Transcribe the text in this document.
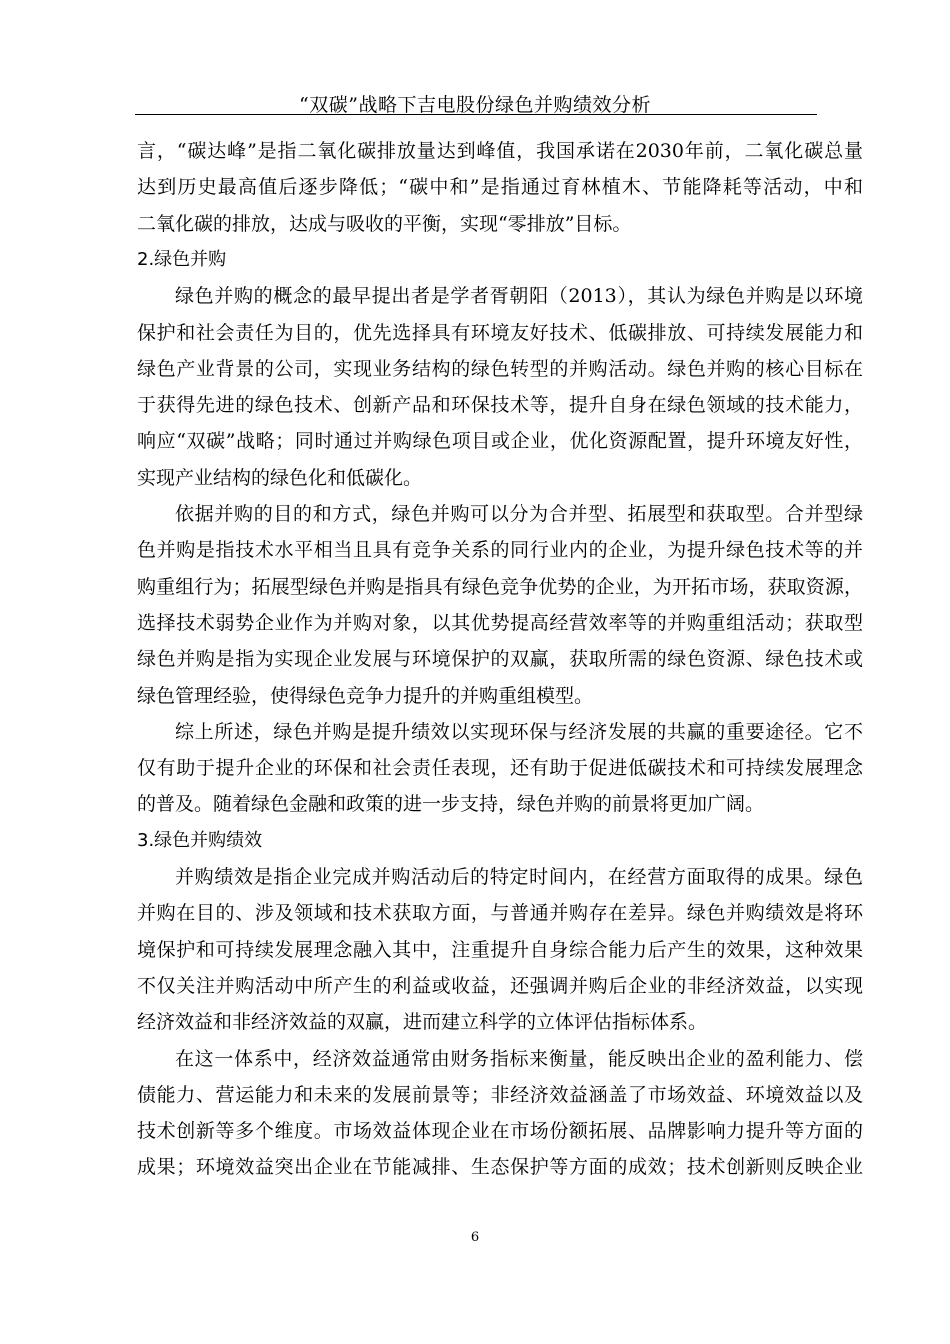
“双碳”战略下吉电股份绿色并购绩效分析
言，“碳达峰”是指二氧化碳排放量达到峰值，我国承诺在2030年前，二氧化碳总量
达到历史最高值后逐步降低；“碳中和”是指通过育林植木、节能降耗等活动，中和
二氧化碳的排放，达成与吸收的平衡，实现“零排放”目标。
2.绿色并购
绿色并购的概念的最早提出者是学者胥朝阳（2013），其认为绿色并购是以环境
保护和社会责任为目的，优先选择具有环境友好技术、低碳排放、可持续发展能力和
绿色产业背景的公司，实现业务结构的绿色转型的并购活动。绿色并购的核心目标在
于获得先进的绿色技术、创新产品和环保技术等，提升自身在绿色领域的技术能力，
响应“双碳”战略；同时通过并购绿色项目或企业，优化资源配置，提升环境友好性，
实现产业结构的绿色化和低碳化。
依据并购的目的和方式，绿色并购可以分为合并型、拓展型和获取型。合并型绿
色并购是指技术水平相当且具有竞争关系的同行业内的企业，为提升绿色技术等的并
购重组行为；拓展型绿色并购是指具有绿色竞争优势的企业，为开拓市场，获取资源，
选择技术弱势企业作为并购对象，以其优势提高经营效率等的并购重组活动；获取型
绿色并购是指为实现企业发展与环境保护的双赢，获取所需的绿色资源、绿色技术或
绿色管理经验，使得绿色竞争力提升的并购重组模型。
综上所述，绿色并购是提升绩效以实现环保与经济发展的共赢的重要途径。它不
仅有助于提升企业的环保和社会责任表现，还有助于促进低碳技术和可持续发展理念
的普及。随着绿色金融和政策的进一步支持，绿色并购的前景将更加广阔。
3.绿色并购绩效
并购绩效是指企业完成并购活动后的特定时间内，在经营方面取得的成果。绿色
并购在目的、涉及领域和技术获取方面，与普通并购存在差异。绿色并购绩效是将环
境保护和可持续发展理念融入其中，注重提升自身综合能力后产生的效果，这种效果
不仅关注并购活动中所产生的利益或收益，还强调并购后企业的非经济效益，以实现
经济效益和非经济效益的双赢，进而建立科学的立体评估指标体系。
在这一体系中，经济效益通常由财务指标来衡量，能反映出企业的盈利能力、偿
债能力、营运能力和未来的发展前景等；非经济效益涵盖了市场效益、环境效益以及
技术创新等多个维度。市场效益体现企业在市场份额拓展、品牌影响力提升等方面的
成果；环境效益突出企业在节能减排、生态保护等方面的成效；技术创新则反映企业
6
